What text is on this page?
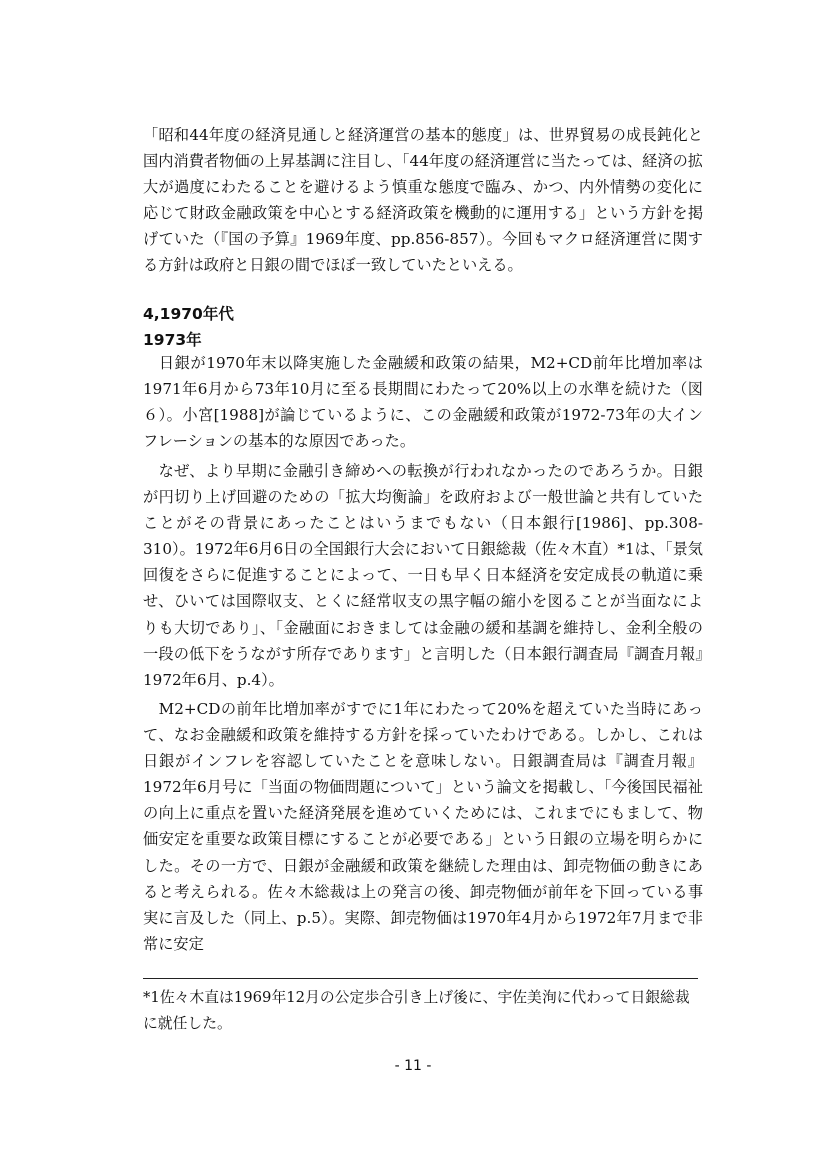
「昭和44年度の経済見通しと経済運営の基本的態度」は、世界貿易の成長鈍化と国内消費者物価の上昇基調に注目し、「44年度の経済運営に当たっては、経済の拡大が過度にわたることを避けるよう慎重な態度で臨み、かつ、内外情勢の変化に応じて財政金融政策を中心とする経済政策を機動的に運用する」という方針を掲げていた（『国の予算』1969年度、pp.856-857）。今回もマクロ経済運営に関する方針は政府と日銀の間でほぼ一致していたといえる。

4,1970年代
1973年

　日銀が1970年末以降実施した金融緩和政策の結果，M2+CD前年比増加率は1971年6月から73年10月に至る長期間にわたって20%以上の水準を続けた（図６）。小宮[1988]が論じているように、この金融緩和政策が1972-73年の大インフレーションの基本的な原因であった。

　なぜ、より早期に金融引き締めへの転換が行われなかったのであろうか。日銀が円切り上げ回避のための「拡大均衡論」を政府および一般世論と共有していたことがその背景にあったことはいうまでもない（日本銀行[1986]、pp.308-310）。1972年6月6日の全国銀行大会において日銀総裁（佐々木直）*1は、「景気回復をさらに促進することによって、一日も早く日本経済を安定成長の軌道に乗せ、ひいては国際収支、とくに経常収支の黒字幅の縮小を図ることが当面なによりも大切であり」、「金融面におきましては金融の緩和基調を維持し、金利全般の一段の低下をうながす所存であります」と言明した（日本銀行調査局『調査月報』1972年6月、p.4）。

　M2+CDの前年比増加率がすでに1年にわたって20%を超えていた当時にあって、なお金融緩和政策を維持する方針を採っていたわけである。しかし、これは日銀がインフレを容認していたことを意味しない。日銀調査局は『調査月報』1972年6月号に「当面の物価問題について」という論文を掲載し、「今後国民福祉の向上に重点を置いた経済発展を進めていくためには、これまでにもまして、物価安定を重要な政策目標にすることが必要である」という日銀の立場を明らかにした。その一方で、日銀が金融緩和政策を継続した理由は、卸売物価の動きにあると考えられる。佐々木総裁は上の発言の後、卸売物価が前年を下回っている事実に言及した（同上、p.5）。実際、卸売物価は1970年4月から1972年7月まで非常に安定

*1佐々木直は1969年12月の公定歩合引き上げ後に、宇佐美洵に代わって日銀総裁に就任した。

- 11 -
